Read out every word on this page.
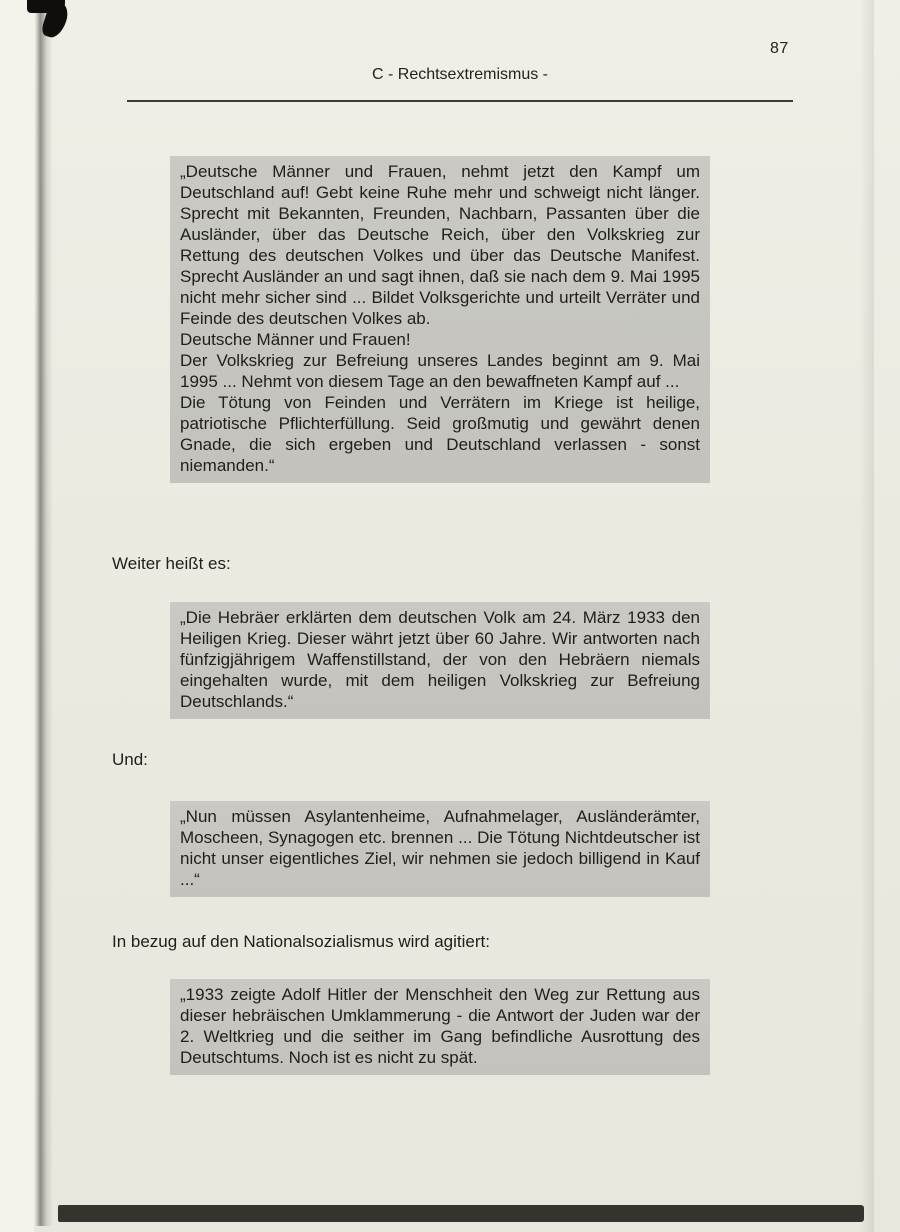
87
C - Rechtsextremismus -

„Deutsche Männer und Frauen, nehmt jetzt den Kampf um Deutschland auf! Gebt keine Ruhe mehr und schweigt nicht länger. Sprecht mit Bekannten, Freunden, Nachbarn, Passanten über die Ausländer, über das Deutsche Reich, über den Volkskrieg zur Rettung des deutschen Volkes und über das Deutsche Manifest. Sprecht Ausländer an und sagt ihnen, daß sie nach dem 9. Mai 1995 nicht mehr sicher sind ... Bildet Volksgerichte und urteilt Verräter und Feinde des deutschen Volkes ab.

Deutsche Männer und Frauen!

Der Volkskrieg zur Befreiung unseres Landes beginnt am 9. Mai 1995 ... Nehmt von diesem Tage an den bewaffneten Kampf auf ...

Die Tötung von Feinden und Verrätern im Kriege ist heilige, patriotische Pflichterfüllung. Seid großmutig und gewährt denen Gnade, die sich ergeben und Deutschland verlassen - sonst niemanden.“

Weiter heißt es:

„Die Hebräer erklärten dem deutschen Volk am 24. März 1933 den Heiligen Krieg. Dieser währt jetzt über 60 Jahre. Wir antworten nach fünfzigjährigem Waffenstillstand, der von den Hebräern niemals eingehalten wurde, mit dem heiligen Volkskrieg zur Befreiung Deutschlands.“

Und:

„Nun müssen Asylantenheime, Aufnahmelager, Ausländerämter, Moscheen, Synagogen etc. brennen ... Die Tötung Nichtdeutscher ist nicht unser eigentliches Ziel, wir nehmen sie jedoch billigend in Kauf ...“

In bezug auf den Nationalsozialismus wird agitiert:

„1933 zeigte Adolf Hitler der Menschheit den Weg zur Rettung aus dieser hebräischen Umklammerung - die Antwort der Juden war der 2. Weltkrieg und die seither im Gang befindliche Ausrottung des Deutschtums. Noch ist es nicht zu spät.
